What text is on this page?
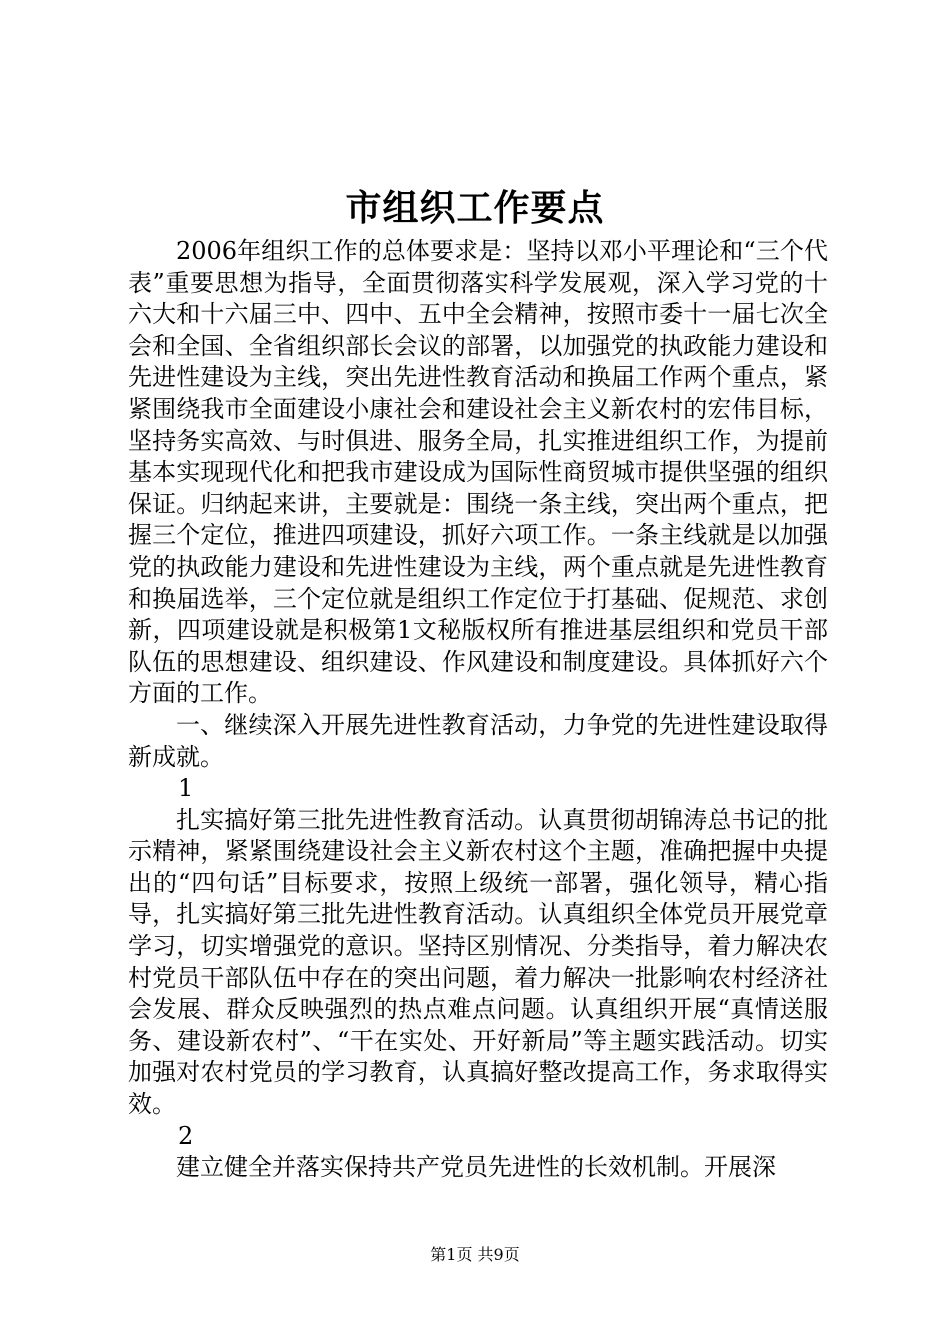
市组织工作要点

2006年组织工作的总体要求是：坚持以邓小平理论和“三个代表”重要思想为指导，全面贯彻落实科学发展观，深入学习党的十六大和十六届三中、四中、五中全会精神，按照市委十一届七次全会和全国、全省组织部长会议的部署，以加强党的执政能力建设和先进性建设为主线，突出先进性教育活动和换届工作两个重点，紧紧围绕我市全面建设小康社会和建设社会主义新农村的宏伟目标，坚持务实高效、与时俱进、服务全局，扎实推进组织工作，为提前基本实现现代化和把我市建设成为国际性商贸城市提供坚强的组织保证。归纳起来讲，主要就是：围绕一条主线，突出两个重点，把握三个定位，推进四项建设，抓好六项工作。一条主线就是以加强党的执政能力建设和先进性建设为主线，两个重点就是先进性教育和换届选举，三个定位就是组织工作定位于打基础、促规范、求创新，四项建设就是积极第1文秘版权所有推进基层组织和党员干部队伍的思想建设、组织建设、作风建设和制度建设。具体抓好六个方面的工作。

一、继续深入开展先进性教育活动，力争党的先进性建设取得新成就。

1

扎实搞好第三批先进性教育活动。认真贯彻胡锦涛总书记的批示精神，紧紧围绕建设社会主义新农村这个主题，准确把握中央提出的“四句话”目标要求，按照上级统一部署，强化领导，精心指导，扎实搞好第三批先进性教育活动。认真组织全体党员开展党章学习，切实增强党的意识。坚持区别情况、分类指导，着力解决农村党员干部队伍中存在的突出问题，着力解决一批影响农村经济社会发展、群众反映强烈的热点难点问题。认真组织开展“真情送服务、建设新农村”、“干在实处、开好新局”等主题实践活动。切实加强对农村党员的学习教育，认真搞好整改提高工作，务求取得实效。

2

建立健全并落实保持共产党员先进性的长效机制。开展深

第1页 共9页
